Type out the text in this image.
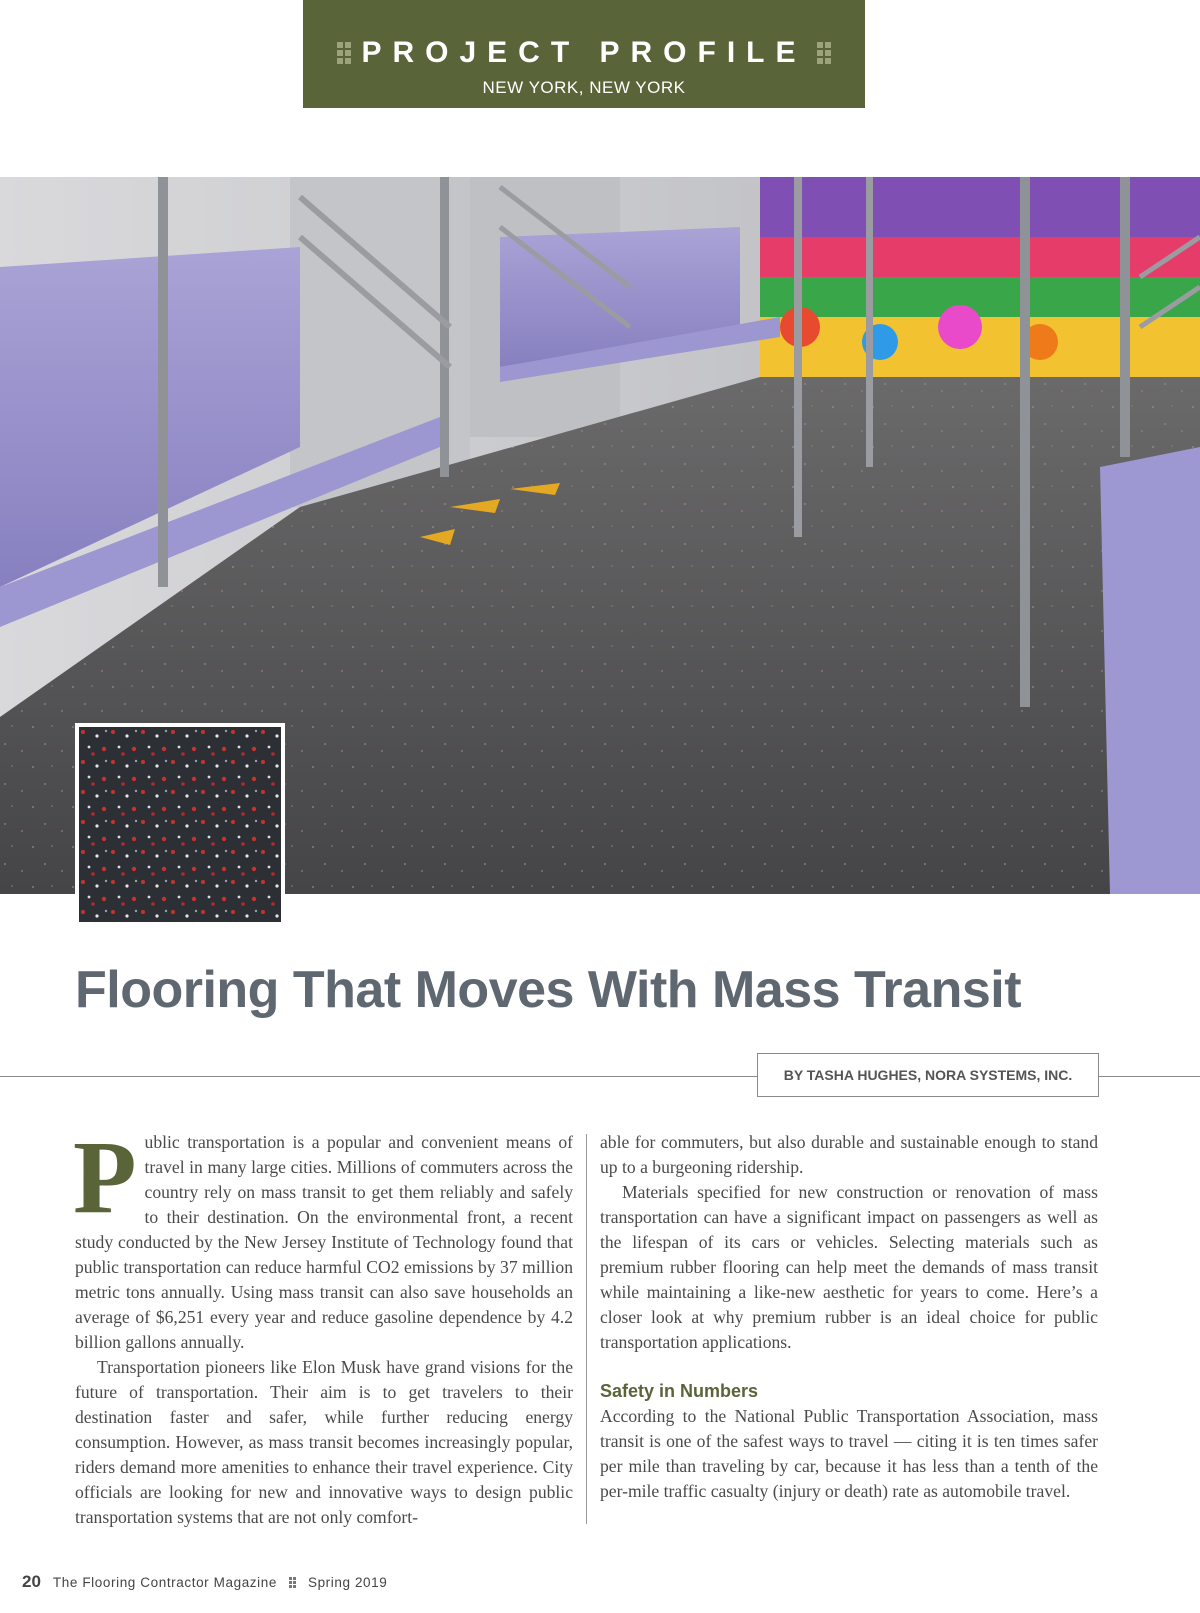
PROJECT PROFILE
NEW YORK, NEW YORK
Flooring That Moves With Mass Transit
BY TASHA HUGHES, NORA SYSTEMS, INC.

Public transportation is a popular and convenient means of travel in many large cities. Millions of commuters across the country rely on mass transit to get them reliably and safely to their destination. On the environmental front, a recent study conducted by the New Jersey Institute of Technology found that public transportation can reduce harmful CO2 emissions by 37 million metric tons annually. Using mass transit can also save households an average of $6,251 every year and reduce gasoline dependence by 4.2 billion gallons annually.

Transportation pioneers like Elon Musk have grand visions for the future of transportation. Their aim is to get travelers to their destination faster and safer, while further reducing energy consumption. However, as mass transit becomes increasingly popular, riders demand more amenities to enhance their travel experience. City officials are looking for new and innovative ways to design public transportation systems that are not only comfort-

able for commuters, but also durable and sustainable enough to stand up to a burgeoning ridership.

Materials specified for new construction or renovation of mass transportation can have a significant impact on passengers as well as the lifespan of its cars or vehicles. Selecting materials such as premium rubber flooring can help meet the demands of mass transit while maintaining a like-new aesthetic for years to come. Here’s a closer look at why premium rubber is an ideal choice for public transportation applications.

Safety in Numbers

According to the National Public Transportation Association, mass transit is one of the safest ways to travel — citing it is ten times safer per mile than traveling by car, because it has less than a tenth of the per-mile traffic casualty (injury or death) rate as automobile travel.

20 The Flooring Contractor Magazine Spring 2019
